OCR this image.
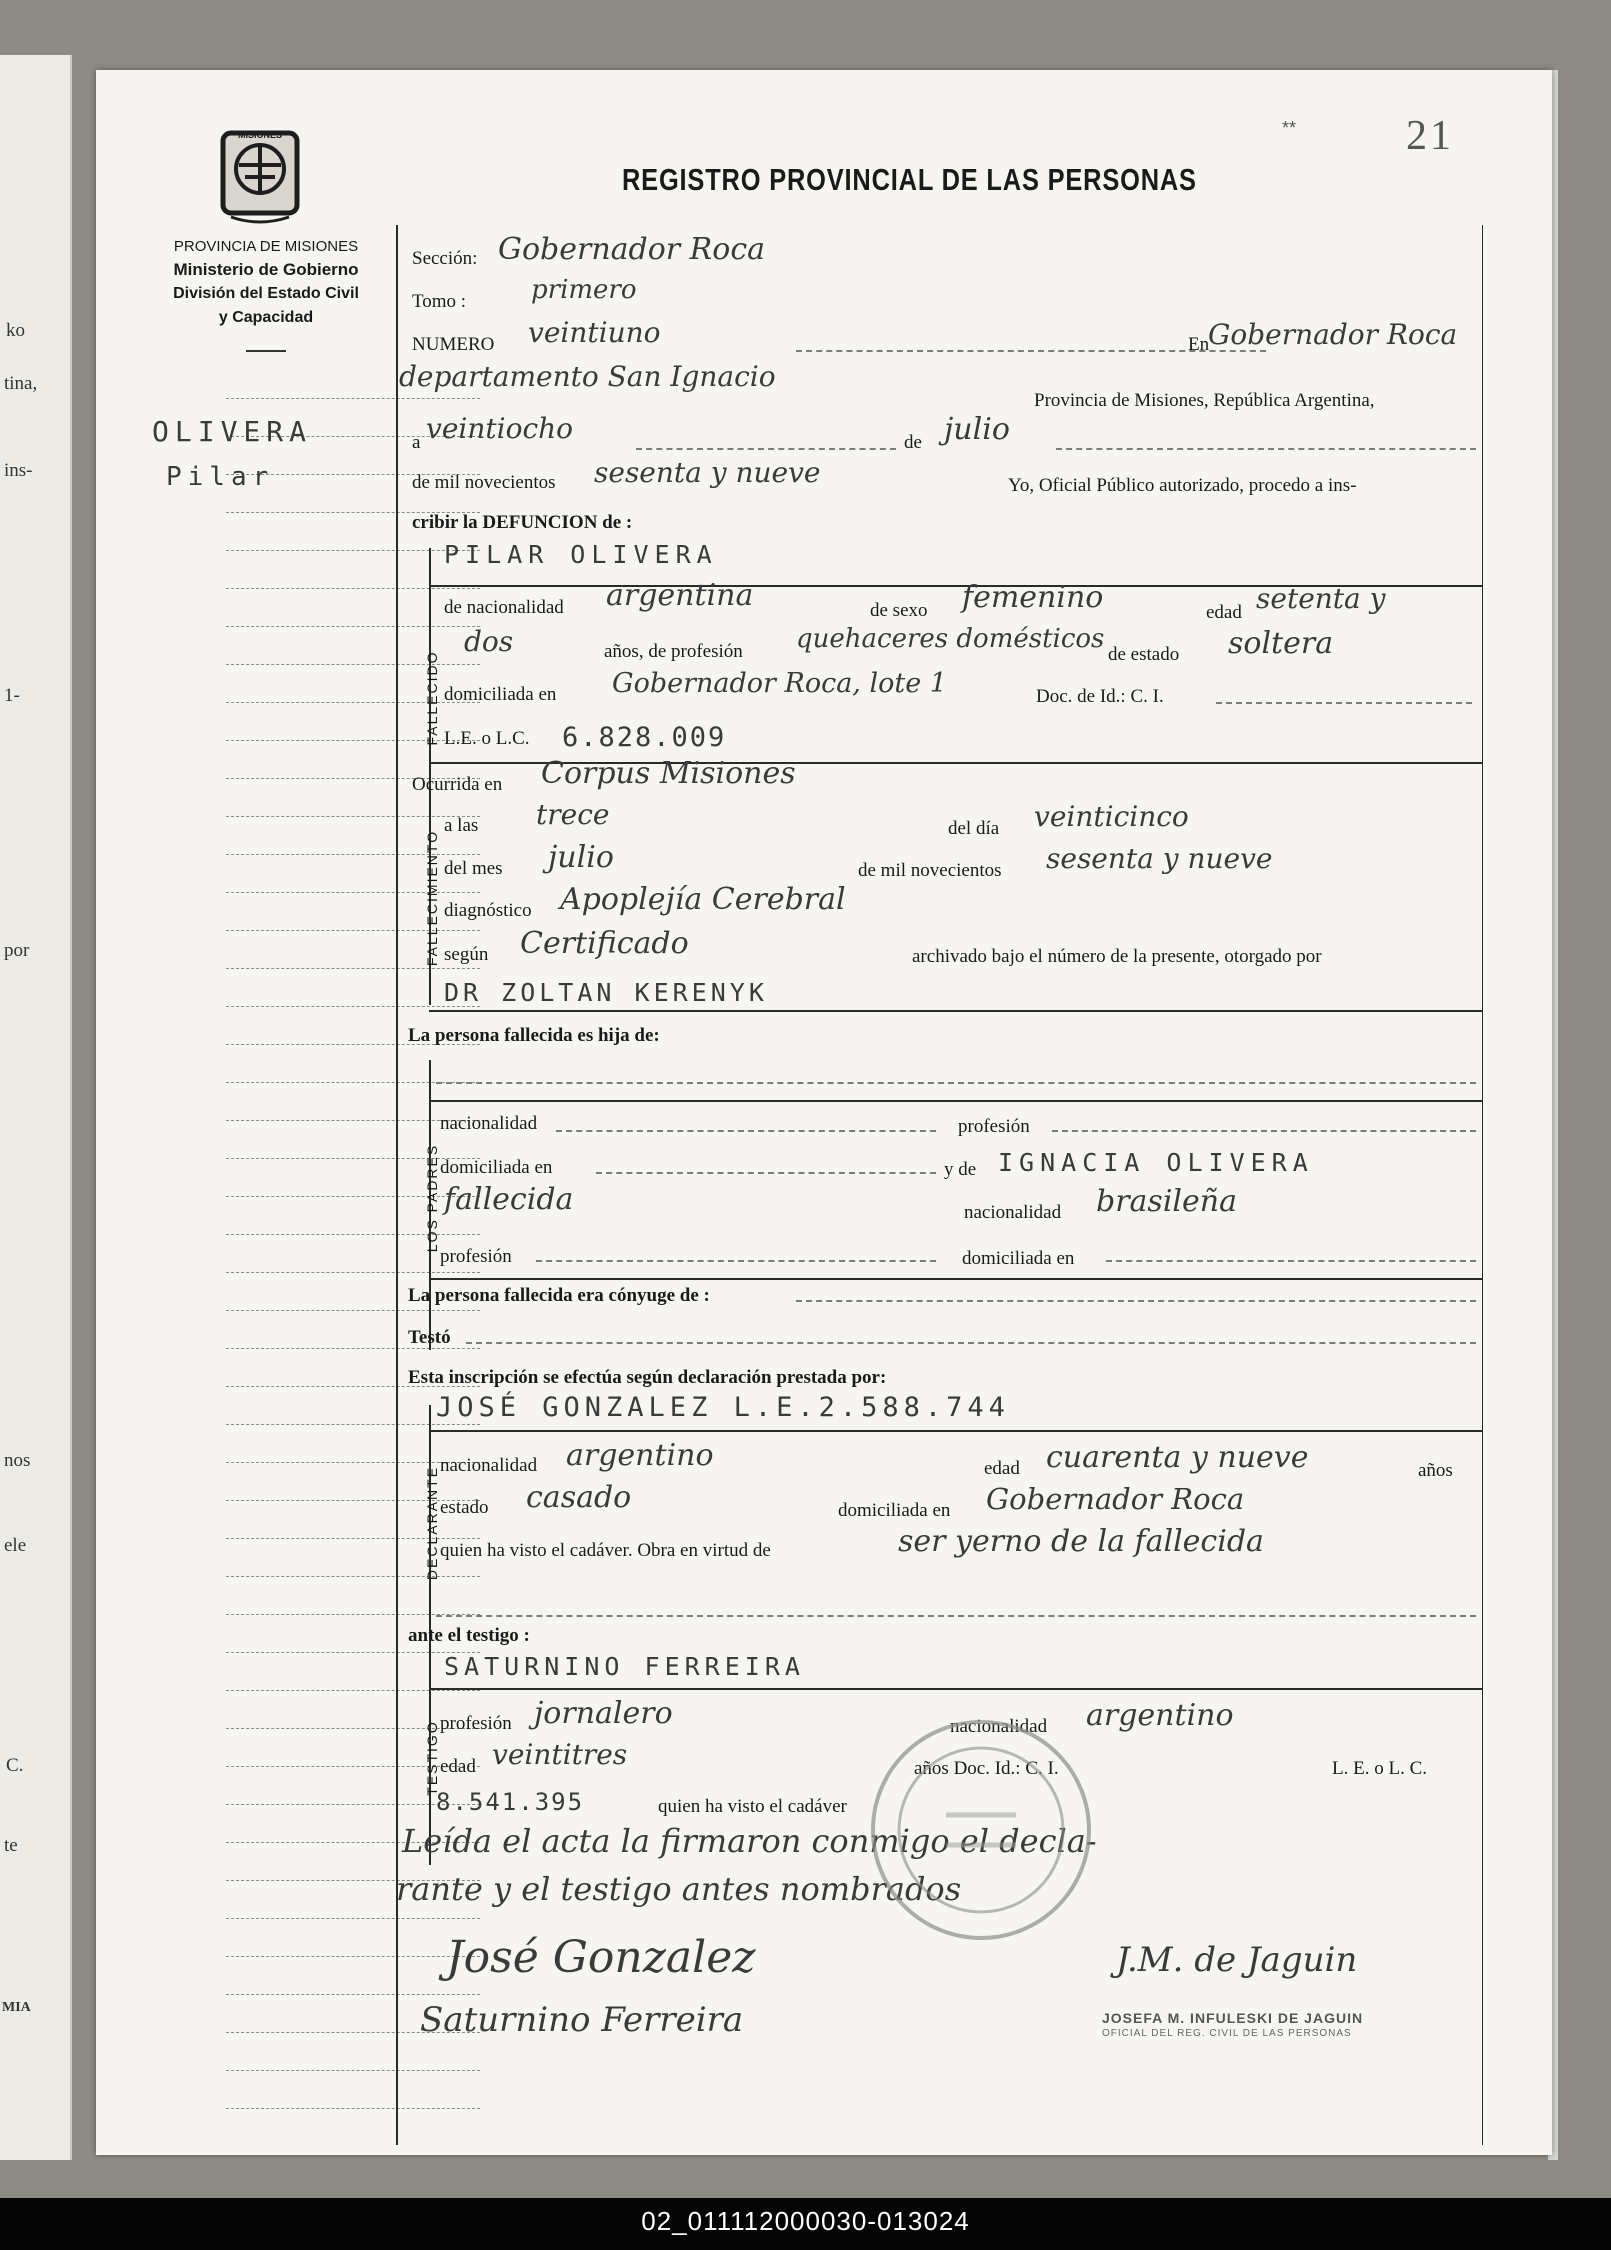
ko
tina,
ins-
1-
por
nos
ele
C.
te
MIA
MISIONES
PROVINCIA DE MISIONES
Ministerio de Gobierno
División del Estado Civil
y Capacidad
REGISTRO PROVINCIAL DE LAS PERSONAS
**	21
OLIVERA
Pilar
Sección: Gobernador Roca
Tomo : primero
NUMERO veintiuno	En
Gobernador Roca
departamento San Ignacio
Provincia de Misiones, República Argentina,
a veintiocho	de julio
de mil novecientos sesenta y nueve	Yo, Oficial Público autorizado, procedo a ins-
cribir la DEFUNCION de :
FALLECIDO
PILAR OLIVERA
de nacionalidad argentina	de sexo femenino	edad setenta y
dos	años, de profesión quehaceres domésticos
de estado soltera
domiciliada en Gobernador Roca, lote 1	Doc. de Id.: C. I.
L.E. o L.C. 6.828.009
Ocurrida en Corpus Misiones
FALLECIMIENTO
a las trece	del día veinticinco
del mes julio	de mil novecientos sesenta y nueve
diagnóstico Apoplejía Cerebral
según Certificado	archivado bajo el número de la presente, otorgado por
DR ZOLTAN KERENYK
La persona fallecida es hija de:
LOS PADRES
nacionalidad	profesión
domiciliada en	y de IGNACIA OLIVERA
fallecida	nacionalidad brasileña
profesión	domiciliada en
La persona fallecida era cónyuge de :
Testó
Esta inscripción se efectúa según declaración prestada por:
DECLARANTE
JOSÉ GONZALEZ L.E.2.588.744
nacionalidad argentino	edad cuarenta y nueve	años
estado casado	domiciliada en Gobernador Roca
quien ha visto el cadáver. Obra en virtud de	ser yerno de la fallecida
ante el testigo :
TESTIGO
SATURNINO FERREIRA
profesión jornalero	nacionalidad argentino
edad veintitres	años Doc. Id.: C. I.	L. E. o L. C.
8.541.395	quien ha visto el cadáver
Leída el acta la firmaron conmigo el decla-
rante y el testigo antes nombrados
José Gonzalez	J.M. de Jaguin
JOSEFA M. INFULESKI DE JAGUIN
OFICIAL DEL REG. CIVIL DE LAS PERSONAS
Saturnino Ferreira
02_011112000030-013024
